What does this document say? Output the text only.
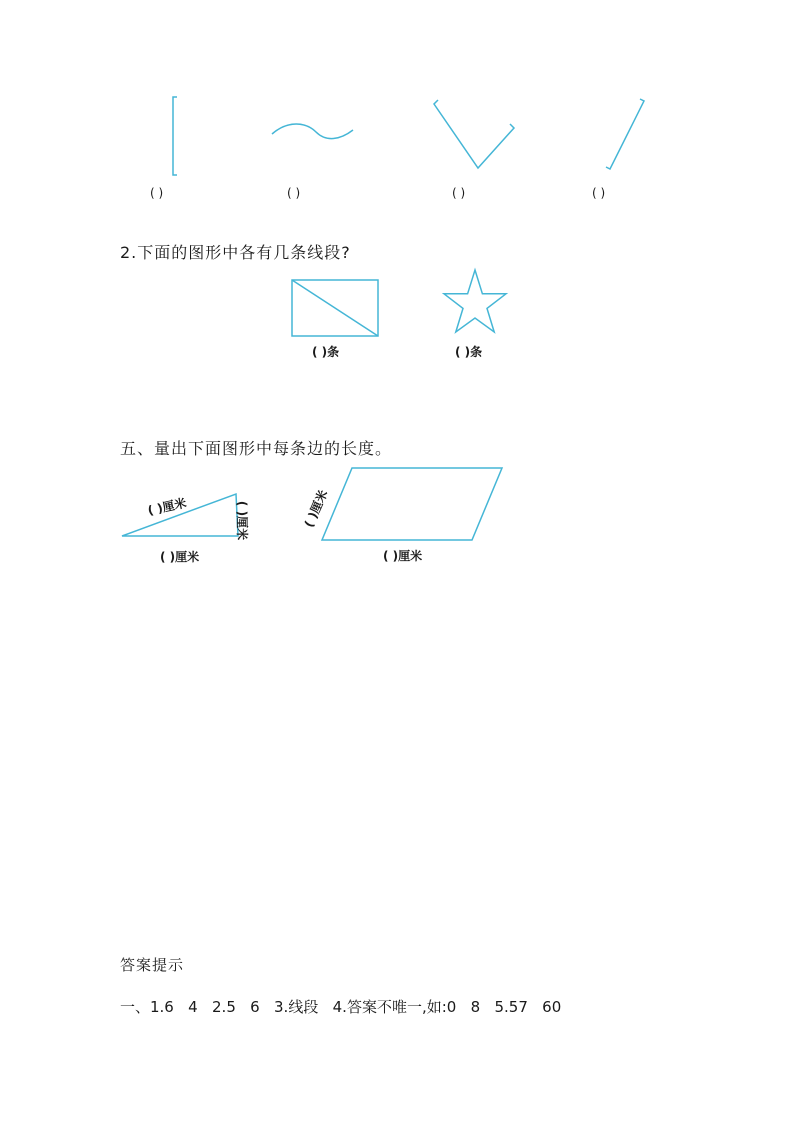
( )	( )	( )	( )
2.下面的图形中各有几条线段?
( )条	( )条
五、量出下面图形中每条边的长度。
( )厘米	( )厘米
( )厘米
( )厘米
( )厘米
答案提示
一、1.6   4   2.5   6   3.线段   4.答案不唯一,如:0   8   5.57   60
